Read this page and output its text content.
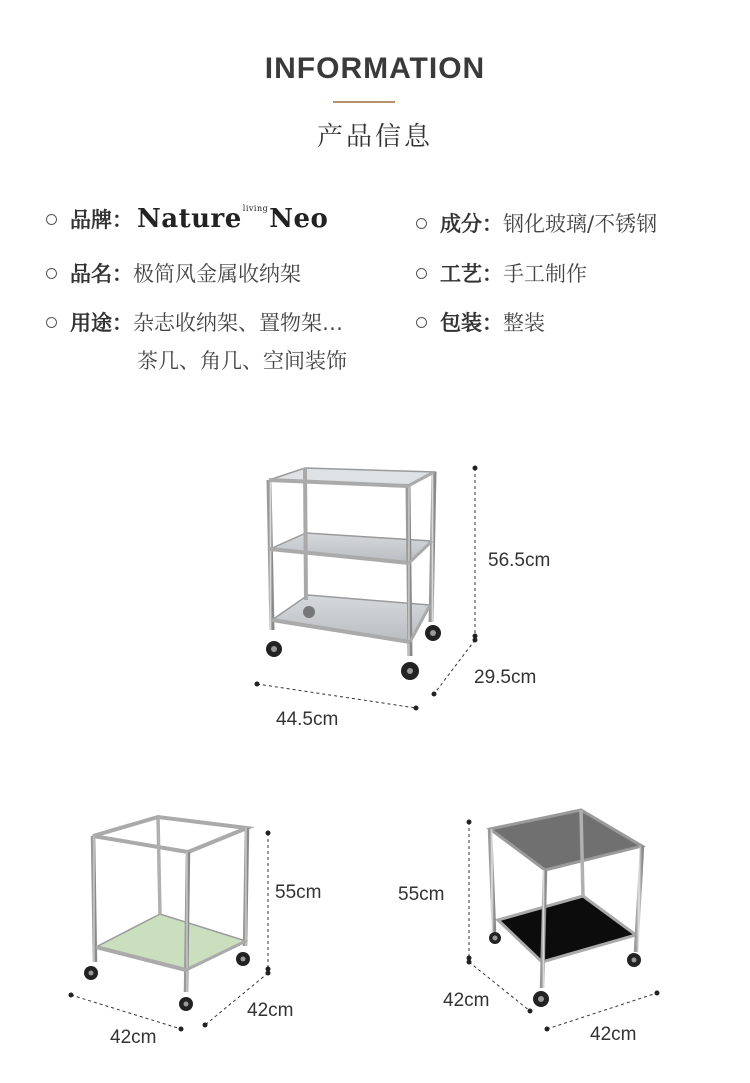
INFORMATION
产品信息
品牌： Nature$^{living}$Neo
品名： 极简风金属收纳架
用途： 杂志收纳架、置物架…
茶几、角几、空间装饰
成分： 钢化玻璃/不锈钢
工艺： 手工制作
包装： 整装
56.5cm
29.5cm
44.5cm
55cm
42cm
42cm
55cm
42cm
42cm
